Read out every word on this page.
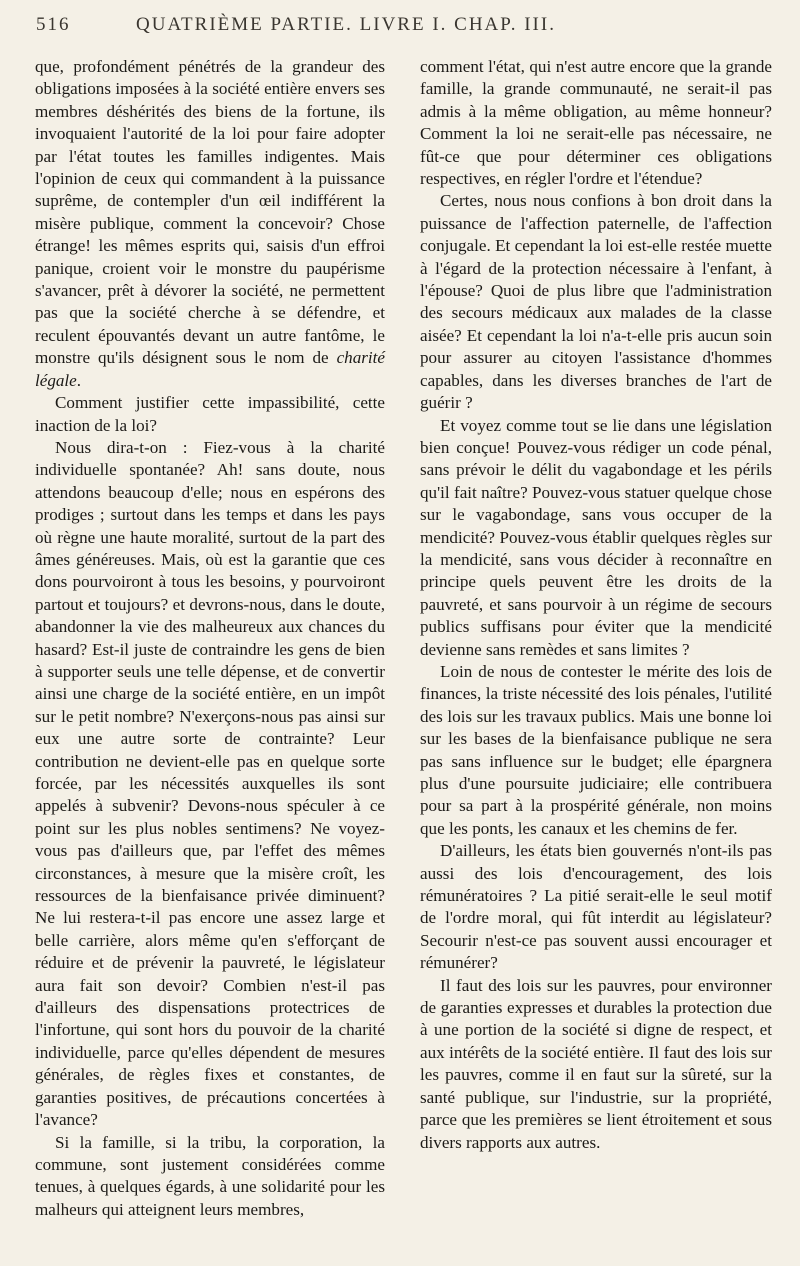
516	QUATRIÈME PARTIE. LIVRE I. CHAP. III.

que, profondément pénétrés de la grandeur des obligations imposées à la société entière envers ses membres déshérités des biens de la fortune, ils invoquaient l'autorité de la loi pour faire adopter par l'état toutes les familles indigentes. Mais l'opinion de ceux qui commandent à la puissance suprême, de contempler d'un œil indifférent la misère publique, comment la concevoir? Chose étrange! les mêmes esprits qui, saisis d'un effroi panique, croient voir le monstre du paupérisme s'avancer, prêt à dévorer la société, ne permettent pas que la société cherche à se défendre, et reculent épouvantés devant un autre fantôme, le monstre qu'ils désignent sous le nom de charité légale.

Comment justifier cette impassibilité, cette inaction de la loi?

Nous dira-t-on : Fiez-vous à la charité individuelle spontanée? Ah! sans doute, nous attendons beaucoup d'elle; nous en espérons des prodiges ; surtout dans les temps et dans les pays où règne une haute moralité, surtout de la part des âmes généreuses. Mais, où est la garantie que ces dons pourvoiront à tous les besoins, y pourvoiront partout et toujours? et devrons-nous, dans le doute, abandonner la vie des malheureux aux chances du hasard? Est-il juste de contraindre les gens de bien à supporter seuls une telle dépense, et de convertir ainsi une charge de la société entière, en un impôt sur le petit nombre? N'exerçons-nous pas ainsi sur eux une autre sorte de contrainte? Leur contribution ne devient-elle pas en quelque sorte forcée, par les nécessités auxquelles ils sont appelés à subvenir? Devons-nous spéculer à ce point sur les plus nobles sentimens? Ne voyez-vous pas d'ailleurs que, par l'effet des mêmes circonstances, à mesure que la misère croît, les ressources de la bienfaisance privée diminuent? Ne lui restera-t-il pas encore une assez large et belle carrière, alors même qu'en s'efforçant de réduire et de prévenir la pauvreté, le législateur aura fait son devoir? Combien n'est-il pas d'ailleurs des dispensations protectrices de l'infortune, qui sont hors du pouvoir de la charité individuelle, parce qu'elles dépendent de mesures générales, de règles fixes et constantes, de garanties positives, de précautions concertées à l'avance?

Si la famille, si la tribu, la corporation, la commune, sont justement considérées comme tenues, à quelques égards, à une solidarité pour les malheurs qui atteignent leurs membres,

comment l'état, qui n'est autre encore que la grande famille, la grande communauté, ne serait-il pas admis à la même obligation, au même honneur? Comment la loi ne serait-elle pas nécessaire, ne fût-ce que pour déterminer ces obligations respectives, en régler l'ordre et l'étendue?

Certes, nous nous confions à bon droit dans la puissance de l'affection paternelle, de l'affection conjugale. Et cependant la loi est-elle restée muette à l'égard de la protection nécessaire à l'enfant, à l'épouse? Quoi de plus libre que l'administration des secours médicaux aux malades de la classe aisée? Et cependant la loi n'a-t-elle pris aucun soin pour assurer au citoyen l'assistance d'hommes capables, dans les diverses branches de l'art de guérir ?

Et voyez comme tout se lie dans une législation bien conçue! Pouvez-vous rédiger un code pénal, sans prévoir le délit du vagabondage et les périls qu'il fait naître? Pouvez-vous statuer quelque chose sur le vagabondage, sans vous occuper de la mendicité? Pouvez-vous établir quelques règles sur la mendicité, sans vous décider à reconnaître en principe quels peuvent être les droits de la pauvreté, et sans pourvoir à un régime de secours publics suffisans pour éviter que la mendicité devienne sans remèdes et sans limites ?

Loin de nous de contester le mérite des lois de finances, la triste nécessité des lois pénales, l'utilité des lois sur les travaux publics. Mais une bonne loi sur les bases de la bienfaisance publique ne sera pas sans influence sur le budget; elle épargnera plus d'une poursuite judiciaire; elle contribuera pour sa part à la prospérité générale, non moins que les ponts, les canaux et les chemins de fer.

D'ailleurs, les états bien gouvernés n'ont-ils pas aussi des lois d'encouragement, des lois rémunératoires ? La pitié serait-elle le seul motif de l'ordre moral, qui fût interdit au législateur? Secourir n'est-ce pas souvent aussi encourager et rémunérer?

Il faut des lois sur les pauvres, pour environner de garanties expresses et durables la protection due à une portion de la société si digne de respect, et aux intérêts de la société entière. Il faut des lois sur les pauvres, comme il en faut sur la sûreté, sur la santé publique, sur l'industrie, sur la propriété, parce que les premières se lient étroitement et sous divers rapports aux autres.
